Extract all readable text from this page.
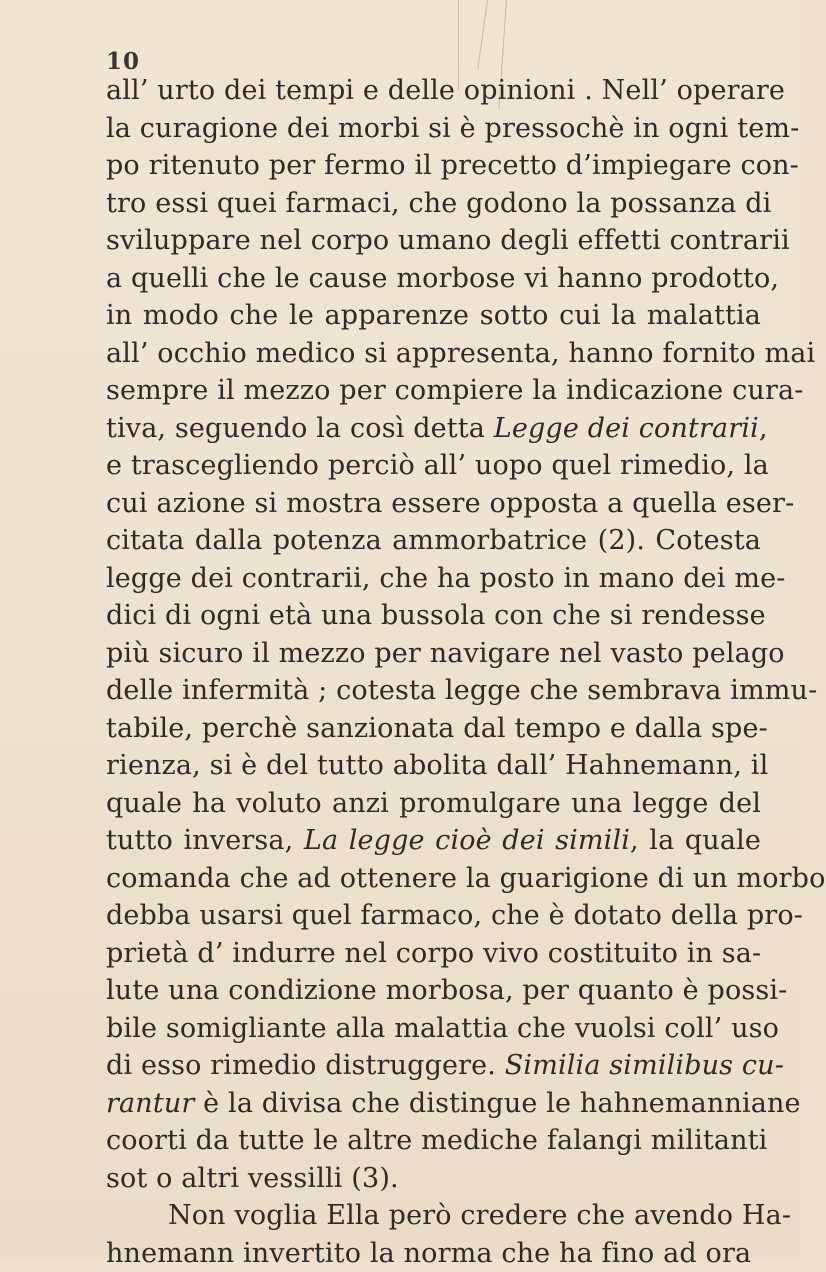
10
all’ urto dei tempi e delle opinioni . Nell’ operare
la curagione dei morbi si è pressochè in ogni tem-
po ritenuto per fermo il precetto d’impiegare con-
tro essi quei farmaci, che godono la possanza di
sviluppare nel corpo umano degli effetti contrarii
a quelli che le cause morbose vi hanno prodotto,
in modo che le apparenze sotto cui la malattia
all’ occhio medico si appresenta, hanno fornito mai
sempre il mezzo per compiere la indicazione cura-
tiva, seguendo la così detta Legge dei contrarii,
e trascegliendo perciò all’ uopo quel rimedio, la
cui azione si mostra essere opposta a quella eser-
citata dalla potenza ammorbatrice (2). Cotesta
legge dei contrarii, che ha posto in mano dei me-
dici di ogni età una bussola con che si rendesse
più sicuro il mezzo per navigare nel vasto pelago
delle infermità ; cotesta legge che sembrava immu-
tabile, perchè sanzionata dal tempo e dalla spe-
rienza, si è del tutto abolita dall’ Hahnemann, il
quale ha voluto anzi promulgare una legge del
tutto inversa, La legge cioè dei simili, la quale
comanda che ad ottenere la guarigione di un morbo
debba usarsi quel farmaco, che è dotato della pro-
prietà d’ indurre nel corpo vivo costituito in sa-
lute una condizione morbosa, per quanto è possi-
bile somigliante alla malattia che vuolsi coll’ uso
di esso rimedio distruggere. Similia similibus cu-
rantur è la divisa che distingue le hahnemanniane
coorti da tutte le altre mediche falangi militanti
sot o altri vessilli (3).
Non voglia Ella però credere che avendo Ha-
hnemann invertito la norma che ha fino ad ora
